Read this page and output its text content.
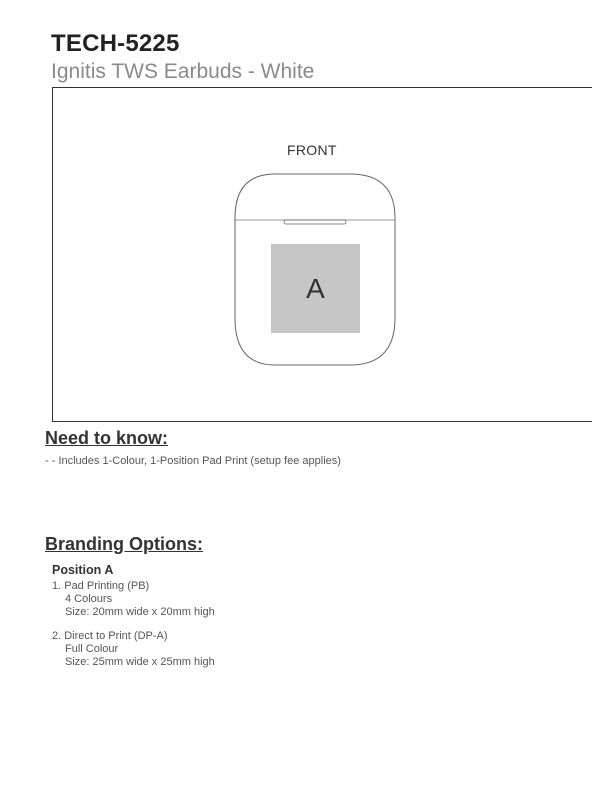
TECH-5225
Ignitis TWS Earbuds - White
FRONT
A
Need to know:
- - Includes 1-Colour, 1-Position Pad Print (setup fee applies)
Branding Options:
Position A
1. Pad Printing (PB)
4 Colours
Size: 20mm wide x 20mm high
2. Direct to Print (DP-A)
Full Colour
Size: 25mm wide x 25mm high
